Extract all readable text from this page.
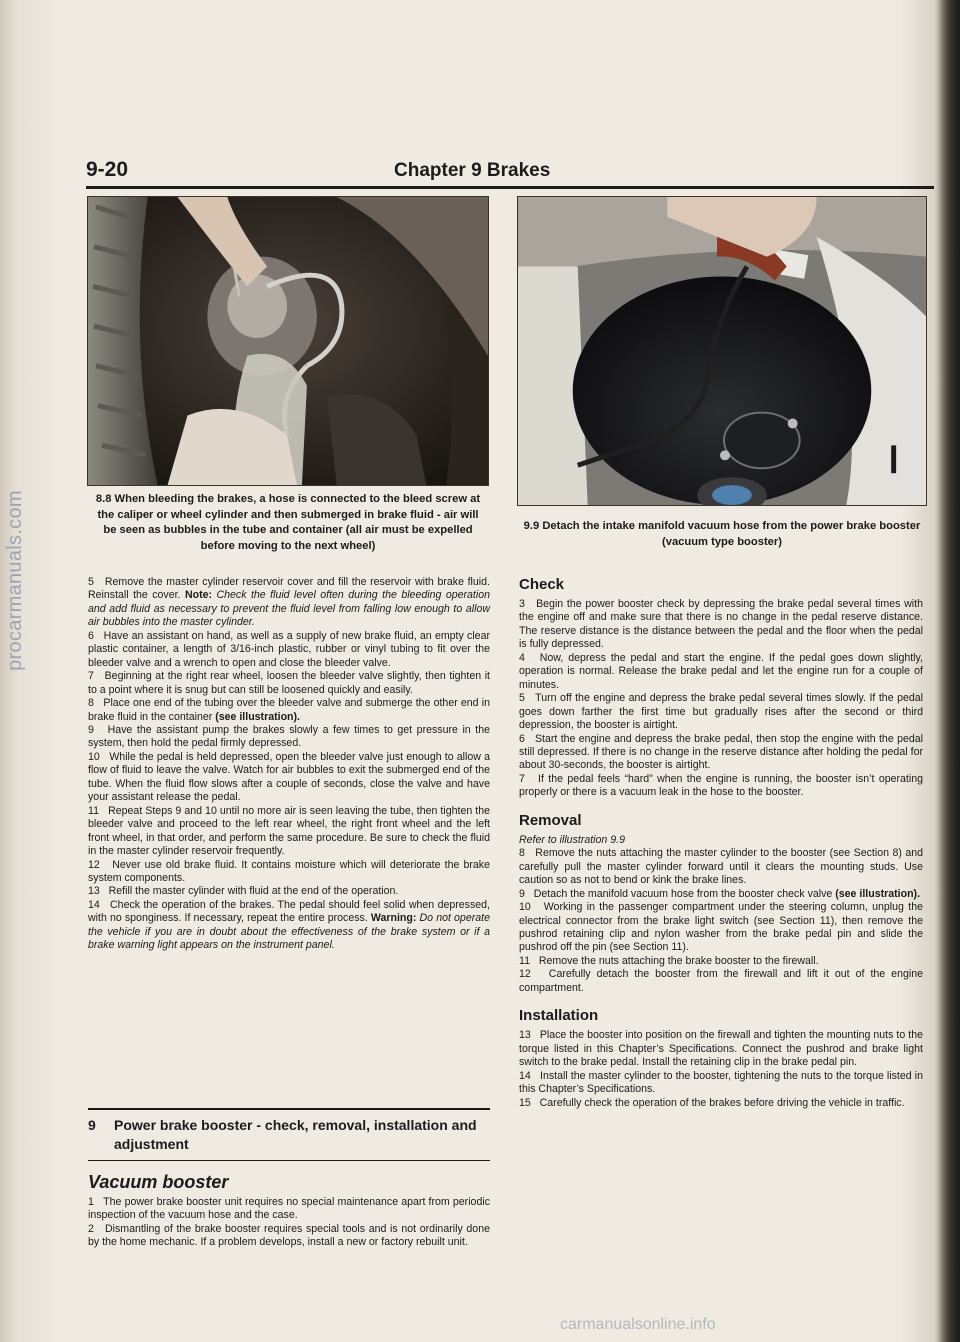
procarmanuals.com
9-20	Chapter 9 Brakes
8.8 When bleeding the brakes, a hose is connected to the bleed screw at the caliper or wheel cylinder and then submerged in brake fluid - air will be seen as bubbles in the tube and container (all air must be expelled before moving to the next wheel)
9.9 Detach the intake manifold vacuum hose from the power brake booster (vacuum type booster)

5 Remove the master cylinder reservoir cover and fill the reservoir with brake fluid. Reinstall the cover. Note: Check the fluid level often during the bleeding operation and add fluid as necessary to prevent the fluid level from falling low enough to allow air bubbles into the master cylinder.

6 Have an assistant on hand, as well as a supply of new brake fluid, an empty clear plastic container, a length of 3/16-inch plastic, rubber or vinyl tubing to fit over the bleeder valve and a wrench to open and close the bleeder valve.

7 Beginning at the right rear wheel, loosen the bleeder valve slightly, then tighten it to a point where it is snug but can still be loosened quickly and easily.

8 Place one end of the tubing over the bleeder valve and submerge the other end in brake fluid in the container (see illustration).

9 Have the assistant pump the brakes slowly a few times to get pressure in the system, then hold the pedal firmly depressed.

10 While the pedal is held depressed, open the bleeder valve just enough to allow a flow of fluid to leave the valve. Watch for air bubbles to exit the submerged end of the tube. When the fluid flow slows after a couple of seconds, close the valve and have your assistant release the pedal.

11 Repeat Steps 9 and 10 until no more air is seen leaving the tube, then tighten the bleeder valve and proceed to the left rear wheel, the right front wheel and the left front wheel, in that order, and perform the same procedure. Be sure to check the fluid in the master cylinder reservoir frequently.

12 Never use old brake fluid. It contains moisture which will deteriorate the brake system components.

13 Refill the master cylinder with fluid at the end of the operation.

14 Check the operation of the brakes. The pedal should feel solid when depressed, with no sponginess. If necessary, repeat the entire process. Warning: Do not operate the vehicle if you are in doubt about the effectiveness of the brake system or if a brake warning light appears on the instrument panel.

9	Power brake booster - check, removal, installation and adjustment
Vacuum booster

1 The power brake booster unit requires no special maintenance apart from periodic inspection of the vacuum hose and the case.

2 Dismantling of the brake booster requires special tools and is not ordinarily done by the home mechanic. If a problem develops, install a new or factory rebuilt unit.

Check

3 Begin the power booster check by depressing the brake pedal several times with the engine off and make sure that there is no change in the pedal reserve distance. The reserve distance is the distance between the pedal and the floor when the pedal is fully depressed.

4 Now, depress the pedal and start the engine. If the pedal goes down slightly, operation is normal. Release the brake pedal and let the engine run for a couple of minutes.

5 Turn off the engine and depress the brake pedal several times slowly. If the pedal goes down farther the first time but gradually rises after the second or third depression, the booster is airtight.

6 Start the engine and depress the brake pedal, then stop the engine with the pedal still depressed. If there is no change in the reserve distance after holding the pedal for about 30-seconds, the booster is airtight.

7 If the pedal feels “hard” when the engine is running, the booster isn’t operating properly or there is a vacuum leak in the hose to the booster.

Removal

Refer to illustration 9.9

8 Remove the nuts attaching the master cylinder to the booster (see Section 8) and carefully pull the master cylinder forward until it clears the mounting studs. Use caution so as not to bend or kink the brake lines.

9 Detach the manifold vacuum hose from the booster check valve (see illustration).

10 Working in the passenger compartment under the steering column, unplug the electrical connector from the brake light switch (see Section 11), then remove the pushrod retaining clip and nylon washer from the brake pedal pin and slide the pushrod off the pin (see Section 11).

11 Remove the nuts attaching the brake booster to the firewall.

12 Carefully detach the booster from the firewall and lift it out of the engine compartment.

Installation

13 Place the booster into position on the firewall and tighten the mounting nuts to the torque listed in this Chapter’s Specifications. Connect the pushrod and brake light switch to the brake pedal. Install the retaining clip in the brake pedal pin.

14 Install the master cylinder to the booster, tightening the nuts to the torque listed in this Chapter’s Specifications.

15 Carefully check the operation of the brakes before driving the vehicle in traffic.

carmanualsonline.info
